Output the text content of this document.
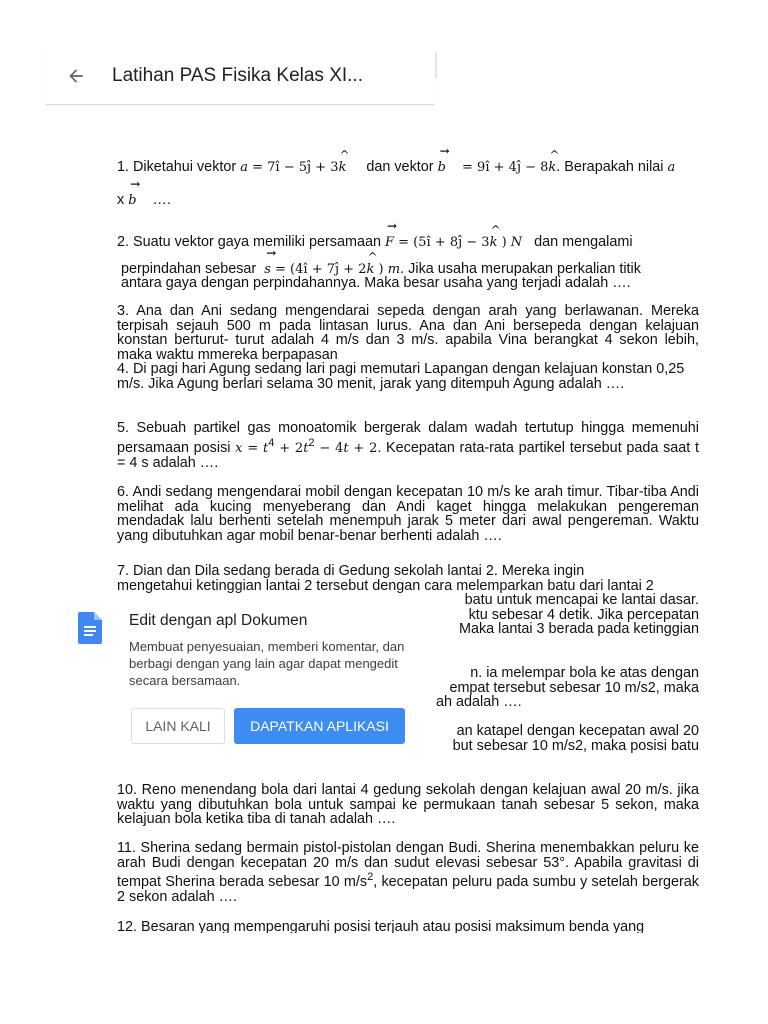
Latihan PAS Fisika Kelas XI...

1. Diketahui vektor a = 7î − 5ĵ + 3^ k     dan vektor → b    = 9î + 4ĵ − 8^ k. Berapakah nilai a

x → b    ….

2. Suatu vektor gaya memiliki persamaan → F = (5î + 8ĵ − 3^ k ) N   dan mengalami

perpindahan sebesar  → s = (4î + 7ĵ + 2^ k ) m. Jika usaha merupakan perkalian titik

antara gaya dengan perpindahannya. Maka besar usaha yang terjadi adalah ….

3. Ana dan Ani sedang mengendarai sepeda dengan arah yang berlawanan. Mereka terpisah sejauh 500 m pada lintasan lurus. Ana dan Ani bersepeda dengan kelajuan konstan berturut- turut adalah 4 m/s dan 3 m/s. apabila Vina berangkat 4 sekon lebih, maka waktu mmereka berpapasan

4. Di pagi hari Agung sedang lari pagi memutari Lapangan dengan kelajuan konstan 0,25
m/s. Jika Agung berlari selama 30 menit, jarak yang ditempuh Agung adalah ….

5. Sebuah partikel gas monoatomik bergerak dalam wadah tertutup hingga memenuhi persamaan posisi $x = t^4 + 2t^2 - 4t + 2$. Kecepatan rata-rata partikel tersebut pada saat t = 4 s adalah ….

6. Andi sedang mengendarai mobil dengan kecepatan 10 m/s ke arah timur. Tibar-tiba Andi melihat ada kucing menyeberang dan Andi kaget hingga melakukan pengereman mendadak lalu berhenti setelah menempuh jarak 5 meter dari awal pengereman. Waktu yang dibutuhkan agar mobil benar-benar berhenti adalah ….

7. Dian dan Dila sedang berada di Gedung sekolah lantai 2. Mereka ingin
mengetahui ketinggian lantai 2 tersebut dengan cara melemparkan batu dari lantai 2

batu untuk mencapai ke lantai dasar.
ktu sebesar 4 detik. Jika percepatan
Maka lantai 3 berada pada ketinggian

n. ia melempar bola ke atas dengan
empat tersebut sebesar 10 m/s2, maka

ah adalah ….

an katapel dengan kecepatan awal 20
but sebesar 10 m/s2, maka posisi batu

10. Reno menendang bola dari lantai 4 gedung sekolah dengan kelajuan awal 20 m/s. jika waktu yang dibutuhkan bola untuk sampai ke permukaan tanah sebesar 5 sekon, maka kelajuan bola ketika tiba di tanah adalah ….

11. Sherina sedang bermain pistol-pistolan dengan Budi. Sherina menembakkan peluru ke arah Budi dengan kecepatan 20 m/s dan sudut elevasi sebesar 53°. Apabila gravitasi di tempat Sherina berada sebesar 10 $m/s^2$, kecepatan peluru pada sumbu y setelah bergerak 2 sekon adalah ….

12. Besaran yang mempengaruhi posisi terjauh atau posisi maksimum benda yang

Edit dengan apl Dokumen
Membuat penyesuaian, memberi komentar, dan berbagi dengan yang lain agar dapat mengedit secara bersamaan.
LAIN KALI	DAPATKAN APLIKASI
